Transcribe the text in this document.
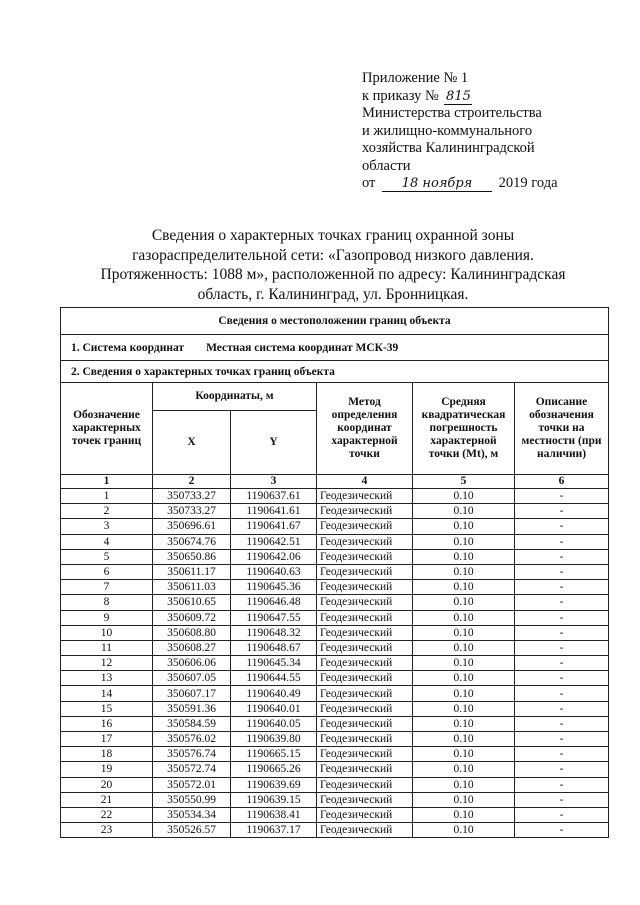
Приложение № 1
к приказу № 815
Министерства строительства
и жилищно-коммунального
хозяйства Калининградской
области
от 18 ноября 2019 года
Сведения о характерных точках границ охранной зоны
газораспределительной сети: «Газопровод низкого давления.
Протяженность: 1088 м», расположенной по адресу: Калининградская
область, г. Калининград, ул. Бронницкая.
Сведения о местоположении границ объекта					
1. Система координат Местная система координат МСК-39					
2. Сведения о характерных точках границ объекта					
Обозначение характерных точек границ	Координаты, м		Метод определения координат характерной точки	Средняя квадратическая погрешность характерной точки (Mt), м	Описание обозначения точки на местности (при наличии)
	X	Y			
1	2	3	4	5	6
1	350733.27	1190637.61	Геодезический	0.10	-
2	350733.27	1190641.61	Геодезический	0.10	-
3	350696.61	1190641.67	Геодезический	0.10	-
4	350674.76	1190642.51	Геодезический	0.10	-
5	350650.86	1190642.06	Геодезический	0.10	-
6	350611.17	1190640.63	Геодезический	0.10	-
7	350611.03	1190645.36	Геодезический	0.10	-
8	350610.65	1190646.48	Геодезический	0.10	-
9	350609.72	1190647.55	Геодезический	0.10	-
10	350608.80	1190648.32	Геодезический	0.10	-
11	350608.27	1190648.67	Геодезический	0.10	-
12	350606.06	1190645.34	Геодезический	0.10	-
13	350607.05	1190644.55	Геодезический	0.10	-
14	350607.17	1190640.49	Геодезический	0.10	-
15	350591.36	1190640.01	Геодезический	0.10	-
16	350584.59	1190640.05	Геодезический	0.10	-
17	350576.02	1190639.80	Геодезический	0.10	-
18	350576.74	1190665.15	Геодезический	0.10	-
19	350572.74	1190665.26	Геодезический	0.10	-
20	350572.01	1190639.69	Геодезический	0.10	-
21	350550.99	1190639.15	Геодезический	0.10	-
22	350534.34	1190638.41	Геодезический	0.10	-
23	350526.57	1190637.17	Геодезический	0.10	-
